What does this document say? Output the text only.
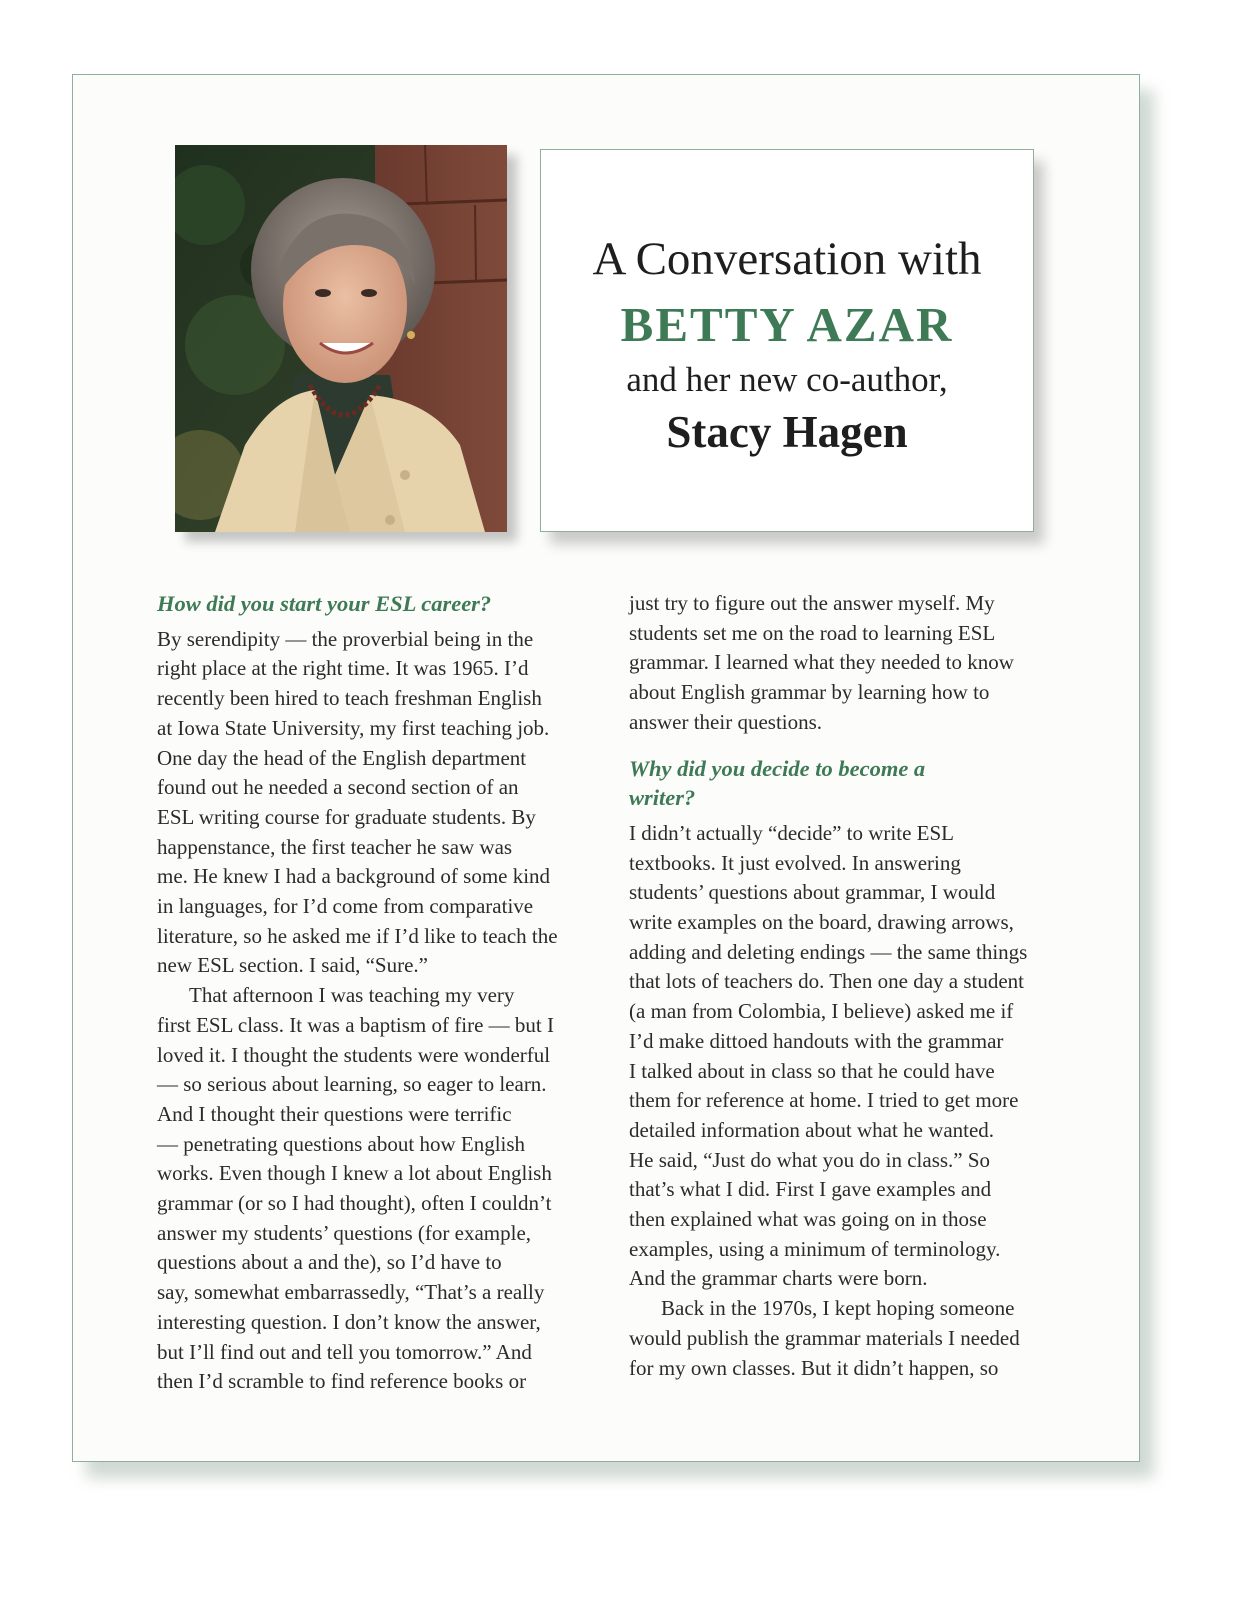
A Conversation with
BETTY AZAR
and her new co-author,
Stacy Hagen
How did you start your ESL career?

By serendipity — the proverbial being in the
right place at the right time. It was 1965. I’d
recently been hired to teach freshman English
at Iowa State University, my first teaching job.
One day the head of the English department
found out he needed a second section of an
ESL writing course for graduate students. By
happenstance, the first teacher he saw was
me. He knew I had a background of some kind
in languages, for I’d come from comparative
literature, so he asked me if I’d like to teach the
new ESL section. I said, “Sure.”

That afternoon I was teaching my very
first ESL class. It was a baptism of fire — but I
loved it. I thought the students were wonderful
— so serious about learning, so eager to learn.
And I thought their questions were terrific
— penetrating questions about how English
works. Even though I knew a lot about English
grammar (or so I had thought), often I couldn’t
answer my students’ questions (for example,
questions about a and the), so I’d have to
say, somewhat embarrassedly, “That’s a really
interesting question. I don’t know the answer,
but I’ll find out and tell you tomorrow.” And
then I’d scramble to find reference books or

just try to figure out the answer myself. My
students set me on the road to learning ESL
grammar. I learned what they needed to know
about English grammar by learning how to
answer their questions.

Why did you decide to become a
writer?

I didn’t actually “decide” to write ESL
textbooks. It just evolved. In answering
students’ questions about grammar, I would
write examples on the board, drawing arrows,
adding and deleting endings — the same things
that lots of teachers do. Then one day a student
(a man from Colombia, I believe) asked me if
I’d make dittoed handouts with the grammar
I talked about in class so that he could have
them for reference at home. I tried to get more
detailed information about what he wanted.
He said, “Just do what you do in class.” So
that’s what I did. First I gave examples and
then explained what was going on in those
examples, using a minimum of terminology.
And the grammar charts were born.

Back in the 1970s, I kept hoping someone
would publish the grammar materials I needed
for my own classes. But it didn’t happen, so
